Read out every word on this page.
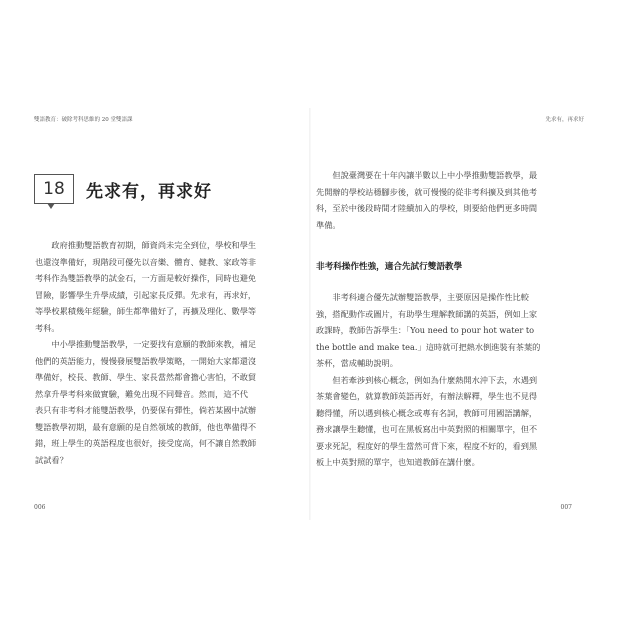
雙語教育：破除考科思維的 20 堂雙語課
18 先求有，再求好
　　政府推動雙語教育初期，師資尚未完全到位，學校和學生
也還沒準備好，現階段可優先以音樂、體育、健教、家政等非
考科作為雙語教學的試金石，一方面是較好操作，同時也避免
冒險，影響學生升學成績，引起家長反彈。先求有，再求好，
等學校累積幾年經驗，師生都準備好了，再擴及理化、數學等
考科。
　　中小學推動雙語教學，一定要找有意願的教師來教，補足
他們的英語能力，慢慢發展雙語教學策略，一開始大家都還沒
準備好，校長、教師、學生、家長當然都會擔心害怕，不敢貿
然拿升學考科來做實驗，難免出現不同聲音。然而，這不代
表只有非考科才能雙語教學，仍要保有彈性，倘若某國中試辦
雙語教學初期，最有意願的是自然領域的教師，他也準備得不
錯，班上學生的英語程度也很好，接受度高，何不讓自然教師
試試看？
006
先求有，再求好
　　但說臺灣要在十年內讓半數以上中小學推動雙語教學，最
先開辦的學校站穩腳步後，就可慢慢的從非考科擴及到其他考
科，至於中後段時間才陸續加入的學校，則要給他們更多時間
準備。
非考科操作性強，適合先試行雙語教學
　　非考科適合優先試辦雙語教學，主要原因是操作性比較
強，搭配動作或圖片，有助學生理解教師講的英語，例如上家
政課時，教師告訴學生：「You need to pour hot water to
the bottle and make tea.」這時就可把熱水倒進裝有茶葉的
茶杯，當成輔助說明。
　　但若牽涉到核心概念，例如為什麼熱開水沖下去，水遇到
茶葉會變色，就算教師英語再好，有辦法解釋，學生也不見得
聽得懂，所以遇到核心概念或專有名詞，教師可用國語講解，
務求讓學生聽懂，也可在黑板寫出中英對照的相關單字，但不
要求死記，程度好的學生當然可背下來，程度不好的，看到黑
板上中英對照的單字，也知道教師在講什麼。
007
